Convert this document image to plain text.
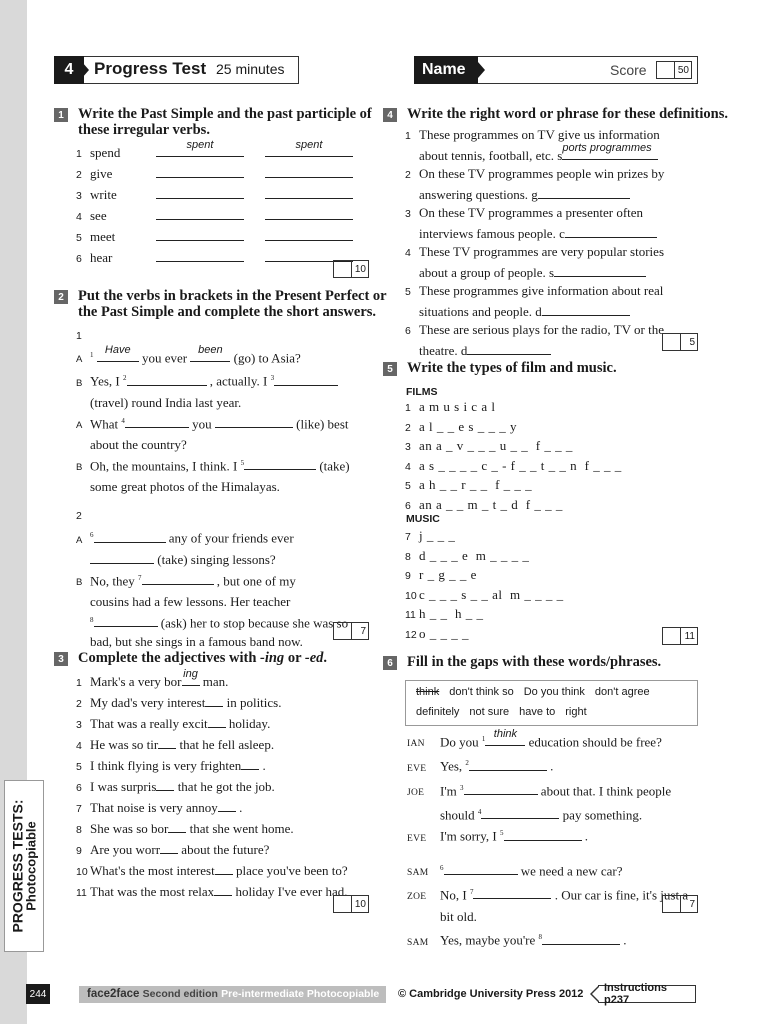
PROGRESS TESTS:
Photocopiable
4	Progress Test 25 minutes	Name	Score	50
1 Write the Past Simple and the past participle of
these irregular verbs.
1 spend	spent	spent
2 give
3 write
4 see
5 meet
6 hear
10
2 Put the verbs in brackets in the Present Perfect or
the Past Simple and complete the short answers.
1
A $^1$	Have you ever	been (go) to Asia?
B Yes, I $^2$	, actually. I $^3$
(travel) round India last year.
A What $^4$	you	(like) best
about the country?
B Oh, the mountains, I think. I $^5$	(take)
some great photos of the Himalayas.
2
A $^6$	any of your friends ever
(take) singing lessons?
B No, they $^7$	, but one of my
cousins had a few lessons. Her teacher
$^8$	(ask) her to stop because she was so
bad, but she sings in a famous band now.
7
3 Complete the adjectives with -ing or -ed.
1 Mark's a very bor ing man.
2 My dad's very interest
in politics.
3 That was a really excit
holiday.
4 He was so tir
that he fell asleep.
5 I think flying is very frighten
.
6 I was surpris
that he got the job.
7 That noise is very annoy
.
8 She was so bor
that she went home.
9 Are you worr
about the future?
10 What's the most interest
place you've been to?
11 That was the most relax
holiday I've ever had.
10
4 Write the right word or phrase for these definitions.
1 These programmes on TV give us information
about tennis, football, etc. s ports programmes
2 On these TV programmes people win prizes by
answering questions. g
3 On these TV programmes a presenter often
interviews famous people. c
4 These TV programmes are very popular stories
about a group of people. s
5 These programmes give information about real
situations and people. d
6 These are serious plays for the radio, TV or the
theatre. d
5
5 Write the types of film and music.
FILMS
1 a m u s i c a l
2 a l _ _ e s _ _ _ y
3 an a _ v _ _ _ u _ _  f _ _ _
4 a s _ _ _ _ c _ - f _ _ t _ _ n  f _ _ _
5 a h _ _ r _ _  f _ _ _
6 an a _ _ m _ t _ d  f _ _ _
MUSIC
7 j _ _ _
8 d _ _ _ e  m _ _ _ _
9 r _ g _ _ e
10 c _ _ _ s _ _ al  m _ _ _ _
11 h _ _  h _ _
12 o _ _ _ _	11
6 Fill in the gaps with these words/phrases.
think don't think so Do you think don't agree
definitely not sure have to right
IAN Do you $^1$ think education should be free?
EVE Yes, $^2$	.
JOE I'm $^3$	about that. I think people
should $^4$	pay something.
EVE I'm sorry, I $^5$	.
SAM$^6$	we need a new car?
ZOE No, I $^7$	. Our car is fine, it's just a
bit old.
SAM Yes, maybe you're $^8$	.
7
244	face2face Second edition Pre-intermediate Photocopiable	© Cambridge University Press 2012	Instructions p237
